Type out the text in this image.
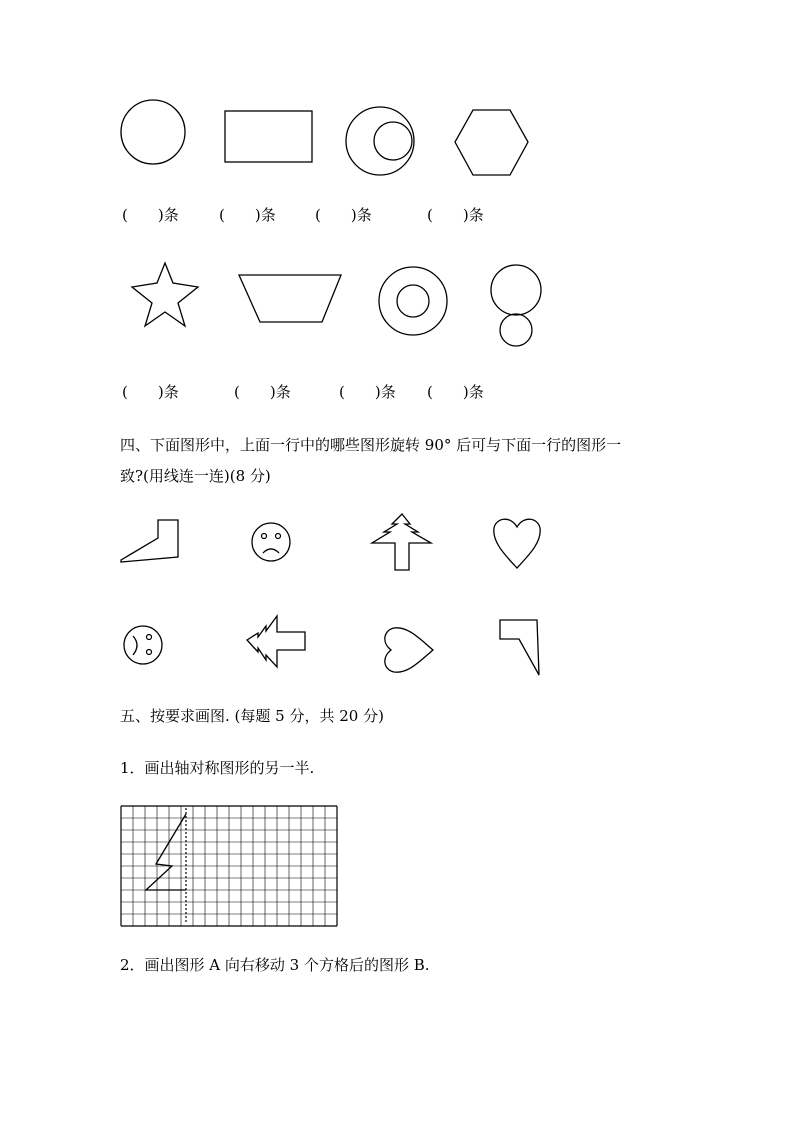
(　　)条	(　　)条	(　　)条	(　　)条
(　　)条	(　　)条	(　　)条 (　　)条
四、下面图形中，上面一行中的哪些图形旋转 90° 后可与下面一行的图形一
致?(用线连一连)(8 分)
五、按要求画图. (每题 5 分，共 20 分)
1．画出轴对称图形的另一半.
2．画出图形 A 向右移动 3 个方格后的图形 B.
